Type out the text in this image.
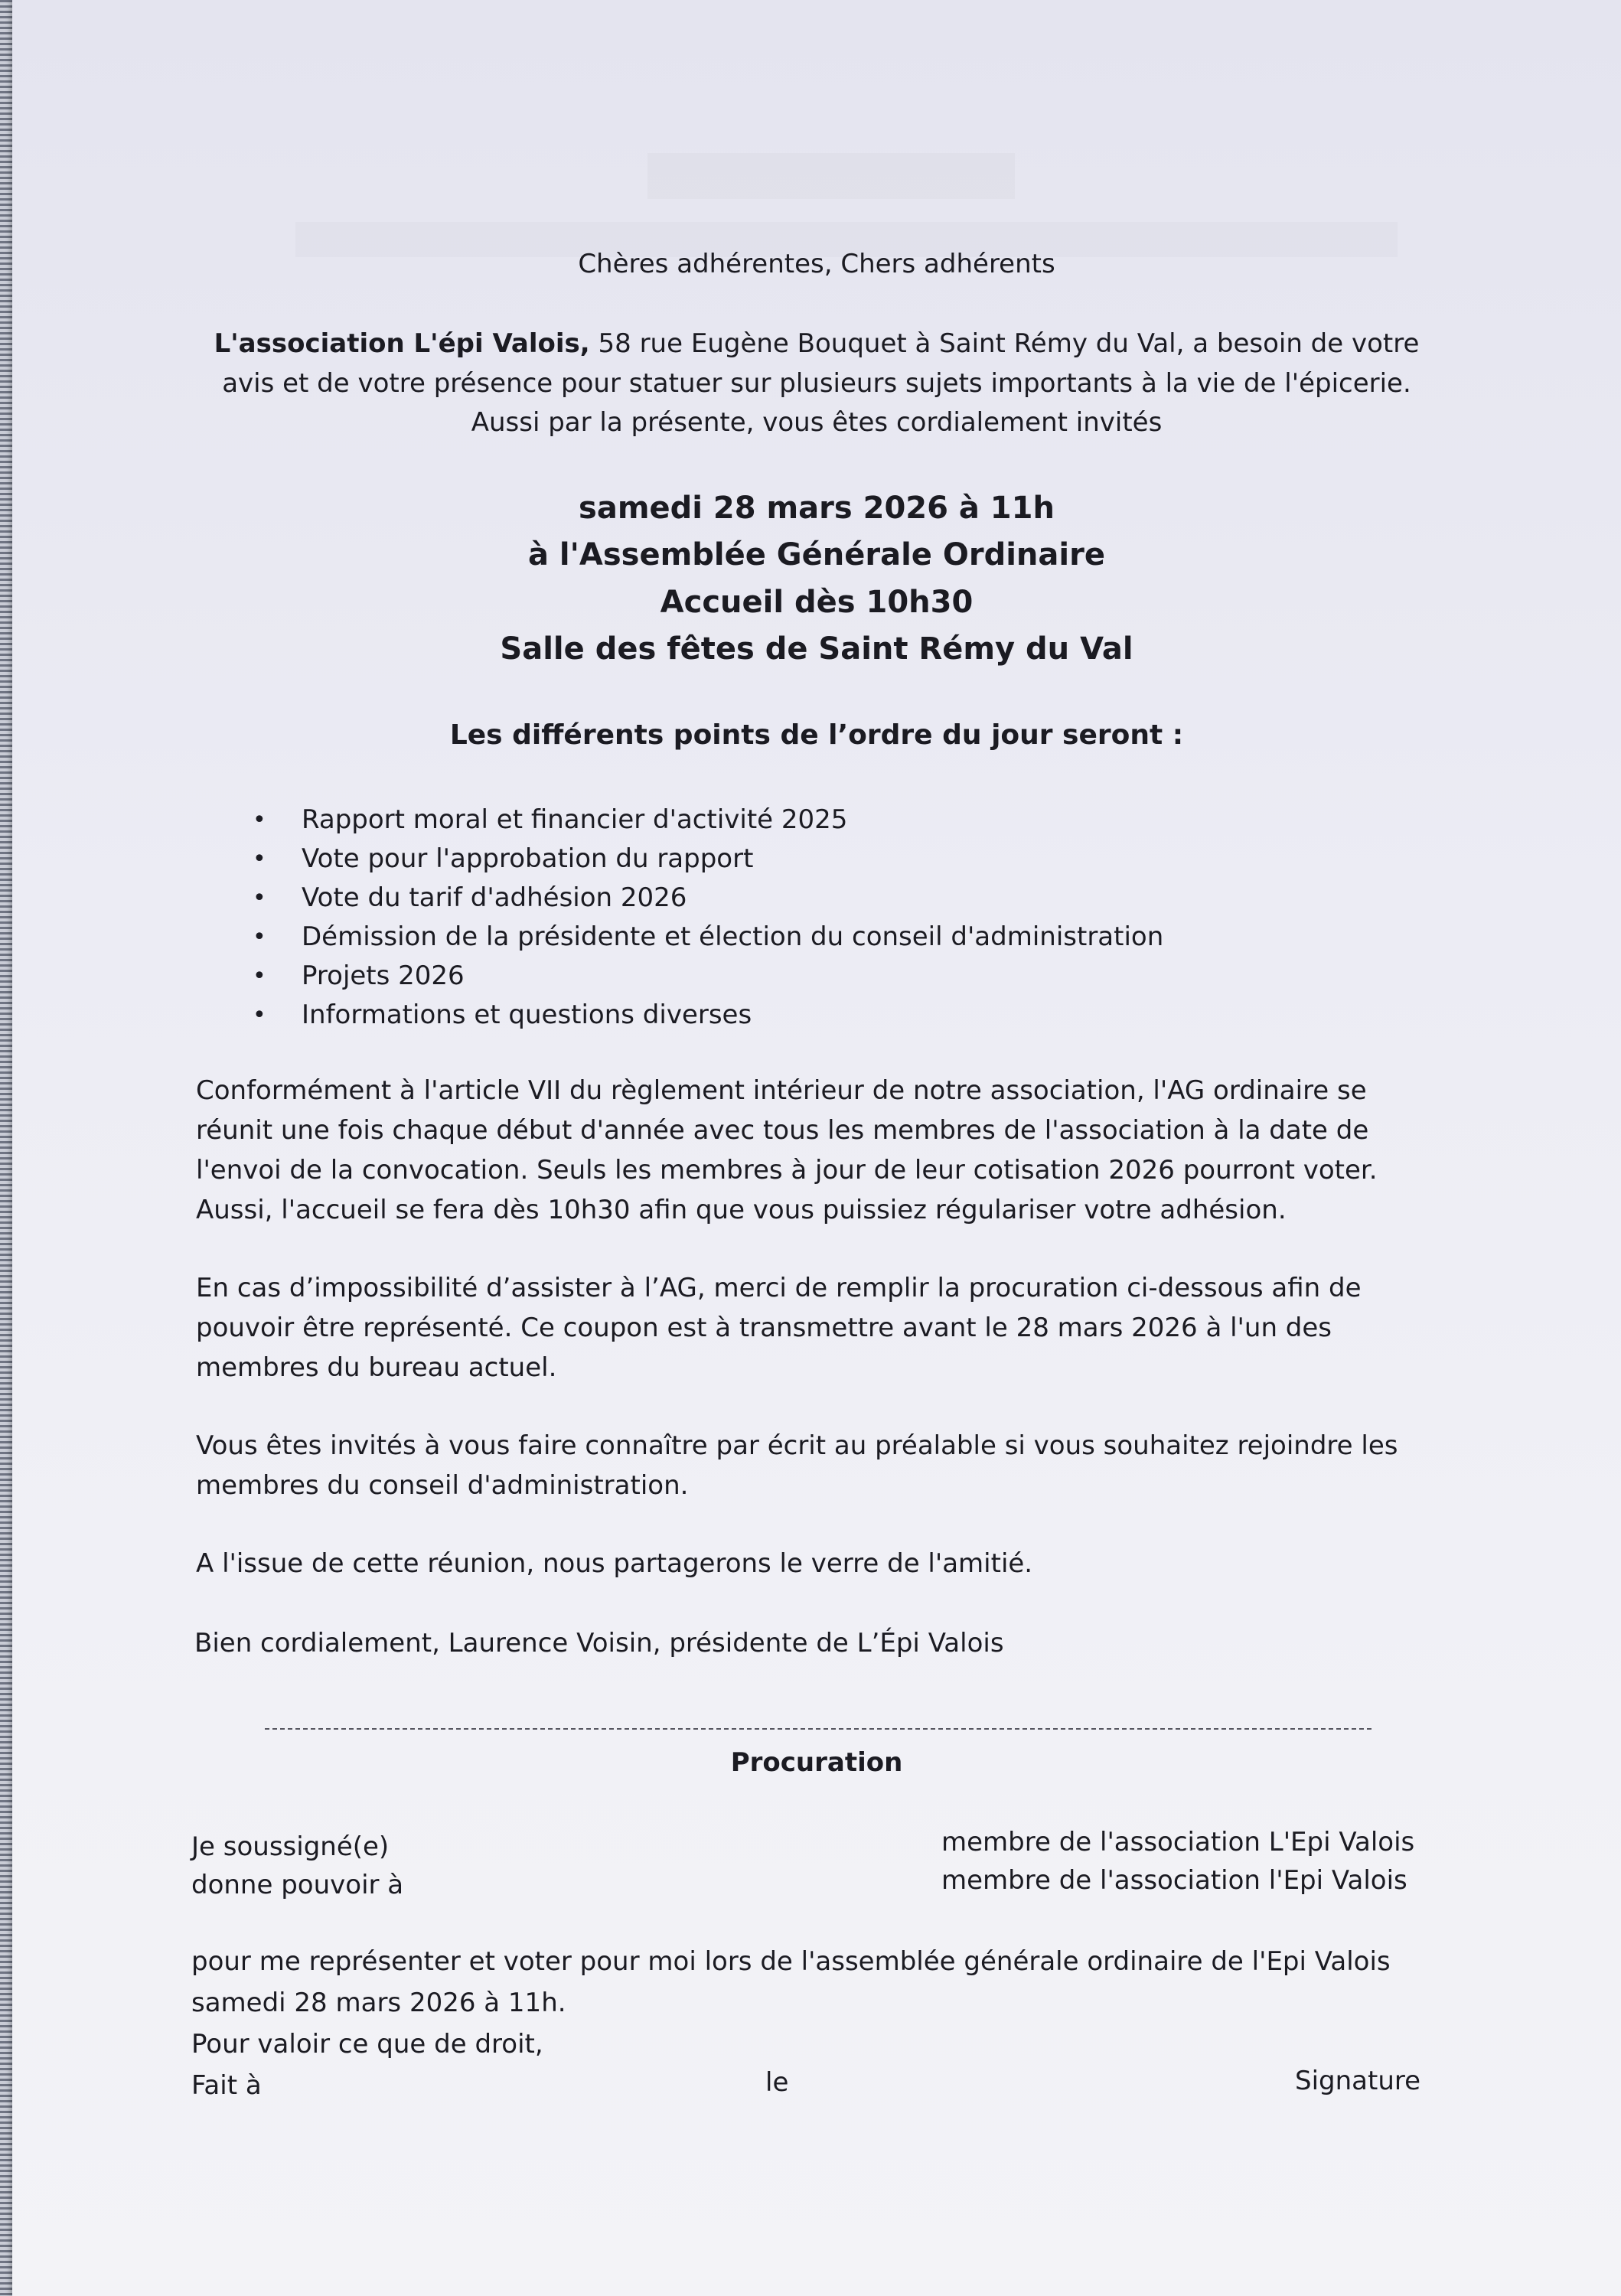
Chères adhérentes, Chers adhérents
L'association L'épi Valois, 58 rue Eugène Bouquet à Saint Rémy du Val, a besoin de votre
avis et de votre présence pour statuer sur plusieurs sujets importants à la vie de l'épicerie.
Aussi par la présente, vous êtes cordialement invités
samedi 28 mars 2026 à 11h
à l'Assemblée Générale Ordinaire
Accueil dès 10h30
Salle des fêtes de Saint Rémy du Val
Les différents points de l’ordre du jour seront :
• Rapport moral et financier d'activité 2025
• Vote pour l'approbation du rapport
• Vote du tarif d'adhésion 2026
• Démission de la présidente et élection du conseil d'administration
• Projets 2026
• Informations et questions diverses
Conformément à l'article VII du règlement intérieur de notre association, l'AG ordinaire se
réunit une fois chaque début d'année avec tous les membres de l'association à la date de
l'envoi de la convocation. Seuls les membres à jour de leur cotisation 2026 pourront voter.
Aussi, l'accueil se fera dès 10h30 afin que vous puissiez régulariser votre adhésion.
En cas d’impossibilité d’assister à l’AG, merci de remplir la procuration ci-dessous afin de
pouvoir être représenté. Ce coupon est à transmettre avant le 28 mars 2026 à l'un des
membres du bureau actuel.
Vous êtes invités à vous faire connaître par écrit au préalable si vous souhaitez rejoindre les
membres du conseil d'administration.
A l'issue de cette réunion, nous partagerons le verre de l'amitié.
Bien cordialement, Laurence Voisin, présidente de L’Épi Valois
Procuration
Je soussigné(e)	membre de l'association L'Epi Valois
donne pouvoir à	membre de l'association l'Epi Valois
pour me représenter et voter pour moi lors de l'assemblée générale ordinaire de l'Epi Valois
samedi 28 mars 2026 à 11h.
Pour valoir ce que de droit,
Fait à	le	Signature
